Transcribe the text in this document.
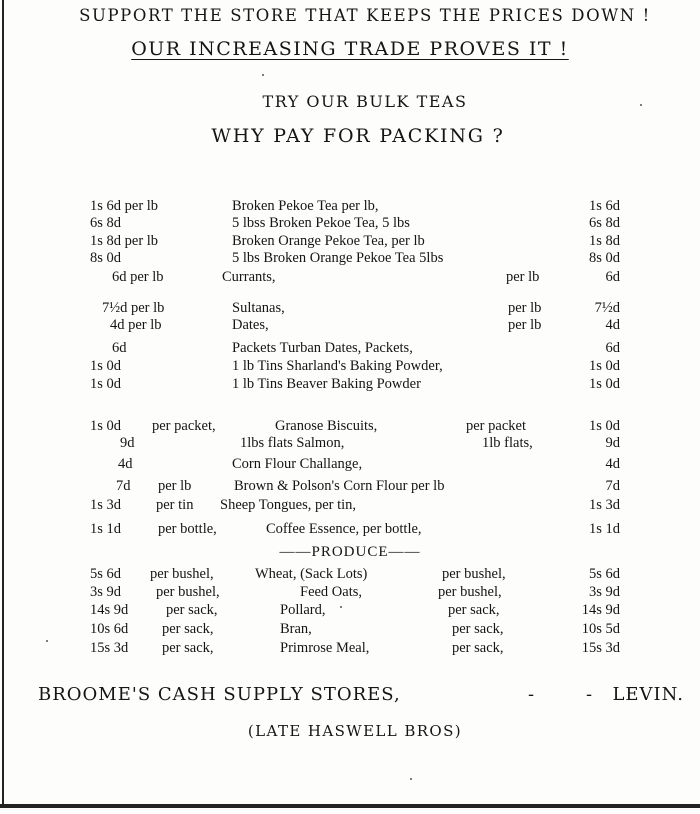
SUPPORT THE STORE THAT KEEPS THE PRICES DOWN !
OUR INCREASING TRADE PROVES IT !
TRY OUR BULK TEAS
WHY PAY FOR PACKING ?
1s 6d per lb	Broken Pekoe Tea per lb,	1s 6d
6s 8d	5 lbss Broken Pekoe Tea, 5 lbs	6s 8d
1s 8d per lb	Broken Orange Pekoe Tea, per lb	1s 8d
8s 0d	5 lbs Broken Orange Pekoe Tea 5lbs	8s 0d
6d per lb	Currants,	per lb	6d
7½d per lb	Sultanas,	per lb	7½d
4d per lb	Dates,	per lb	4d
6d	Packets Turban Dates, Packets,	6d
1s 0d	1 lb Tins Sharland's Baking Powder,	1s 0d
1s 0d	1 lb Tins Beaver Baking Powder	1s 0d
1s 0d per packet,	Granose Biscuits,	per packet	1s 0d
9d	1lbs flats Salmon,	1lb flats,	9d
4d	Corn Flour Challange,	4d
7d per lb	Brown & Polson's Corn Flour per lb	7d
1s 3d per tin Sheep Tongues, per tin,	1s 3d
1s 1d	per bottle,	Coffee Essence, per bottle,	1s 1d
——PRODUCE——
5s 6d per bushel,	Wheat, (Sack Lots)	per bushel,	5s 6d
3s 9d per bushel,	Feed Oats,	per bushel,	3s 9d
14s 9d	per sack,	Pollard,	per sack,	14s 9d
10s 6d per sack,	Bran,	per sack,	10s 5d
15s 3d per sack,	Primrose Meal,	per sack,	15s 3d
BROOME'S CASH SUPPLY STORES,	-	- LEVIN.
(LATE HASWELL BROS)
